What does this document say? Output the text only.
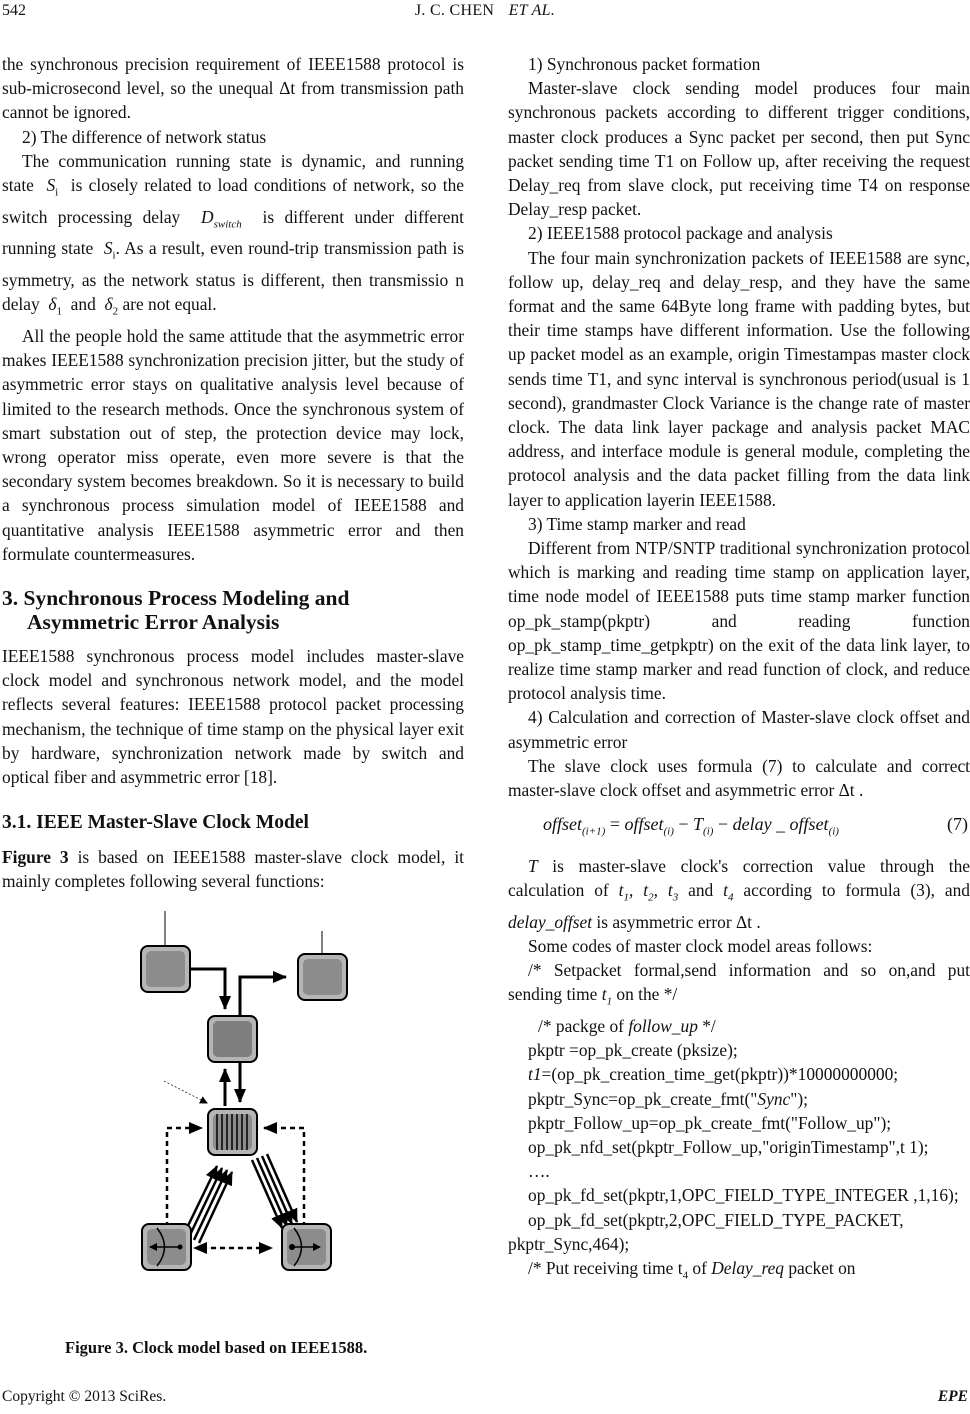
542	J. C. CHEN ET AL.

the synchronous precision requirement of IEEE1588 protocol is sub-microsecond level, so the unequal Δt from transmission path cannot be ignored.

2) The difference of network status

The communication running state is dynamic, and running state $S_i$ is closely related to load conditions of network, so the switch processing delay $D_{switch}$ is different under different running state $S_i$. As a result, even round-trip transmission path is symmetry, as the network status is different, then transmissio n delay $\delta_1$ and $\delta_2$ are not equal.

All the people hold the same attitude that the asymmetric error makes IEEE1588 synchronization precision jitter, but the study of asymmetric error stays on qualitative analysis level because of limited to the research methods. Once the synchronous system of smart substation out of step, the protection device may lock, wrong operator miss operate, even more severe is that the secondary system becomes breakdown. So it is necessary to build a synchronous process simulation model of IEEE1588 and quantitative analysis IEEE1588 asymmetric error and then formulate countermeasures.

3. Synchronous Process Modeling and
Asymmetric Error Analysis

IEEE1588 synchronous process model includes master-slave clock model and synchronous network model, and the model reflects several features: IEEE1588 protocol packet processing mechanism, the technique of time stamp on the physical layer exit by hardware, synchronization network made by switch and optical fiber and asymmetric error [18].

3.1. IEEE Master-Slave Clock Model

Figure 3 is based on IEEE1588 master-slave clock model, it mainly completes following several functions:

Figure 3. Clock model based on IEEE1588.

1) Synchronous packet formation

Master-slave clock sending model produces four main synchronous packets according to different trigger conditions, master clock produces a Sync packet per second, then put Sync packet sending time T1 on Follow up, after receiving the request Delay_req from slave clock, put receiving time T4 on response Delay_resp packet.

2) IEEE1588 protocol package and analysis

The four main synchronization packets of IEEE1588 are sync, follow up, delay_req and delay_resp, and they have the same format and the same 64Byte long frame with padding bytes, but their time stamps have different information. Use the following up packet model as an example, origin Timestampas master clock sends time T1, and sync interval is synchronous period(usual is 1 second), grandmaster Clock Variance is the change rate of master clock. The data link layer package and analysis packet MAC address, and interface module is general module, completing the protocol analysis and the data packet filling from the data link layer to application layerin IEEE1588.

3) Time stamp marker and read

Different from NTP/SNTP traditional synchronization protocol which is marking and reading time stamp on application layer, time node model of IEEE1588 puts time stamp marker function op_pk_stamp(pkptr) and reading function op_pk_stamp_time_getpkptr) on the exit of the data link layer, to realize time stamp marker and read function of clock, and reduce protocol analysis time.

4) Calculation and correction of Master-slave clock offset and asymmetric error

The slave clock uses formula (7) to calculate and correct master-slave clock offset and asymmetric error Δt .

offset$_{(i+1)}$ = offset$_{(i)}$ − $T_{(i)}$ − delay _ offset$_{(i)}$	(7)

T is master-slave clock's correction value through the calculation of $t_1$, $t_2$, $t_3$ and $t_4$ according to formula (3), and delay_offset is asymmetric error Δt .

Some codes of master clock model areas follows:

/* Setpacket formal,send information and so on,and put sending time $t_1$ on the */

/* packge of follow_up */

pkptr =op_pk_create (pksize);

t1=(op_pk_creation_time_get(pkptr))*10000000000;

pkptr_Sync=op_pk_create_fmt("Sync");

pkptr_Follow_up=op_pk_create_fmt("Follow_up");

op_pk_nfd_set(pkptr_Follow_up,"originTimestamp",t 1);

….

op_pk_fd_set(pkptr,1,OPC_FIELD_TYPE_INTEGER ,1,16);

op_pk_fd_set(pkptr,2,OPC_FIELD_TYPE_PACKET, pkptr_Sync,464);

/* Put receiving time $t_4$ of Delay_req packet on

Copyright © 2013 SciRes.	EPE
